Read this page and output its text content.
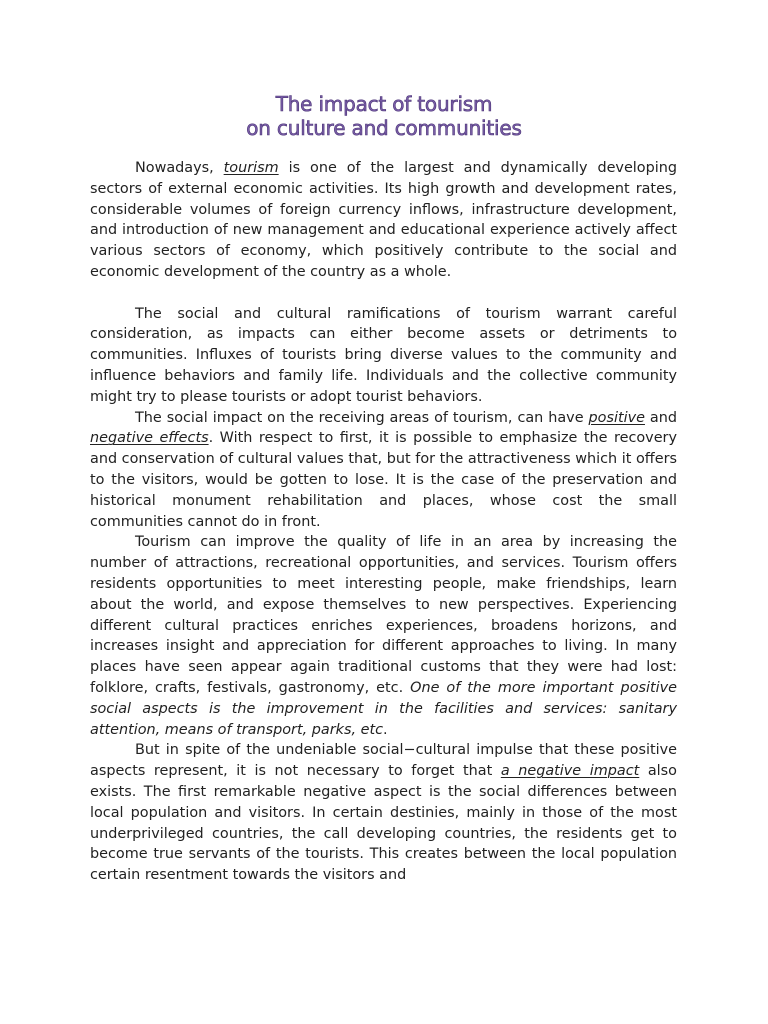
The impact of tourism
on culture and communities

Nowadays, tourism is one of the largest and dynamically developing sectors of external economic activities. Its high growth and development rates, considerable volumes of foreign currency inflows, infrastructure development, and introduction of new management and educational experience actively affect various sectors of economy, which positively contribute to the social and economic development of the country as a whole.

The social and cultural ramifications of tourism warrant careful consideration, as impacts can either become assets or detriments to communities. Influxes of tourists bring diverse values to the community and influence behaviors and family life. Individuals and the collective community might try to please tourists or adopt tourist behaviors.

The social impact on the receiving areas of tourism, can have positive and negative effects. With respect to first, it is possible to emphasize the recovery and conservation of cultural values that, but for the attractiveness which it offers to the visitors, would be gotten to lose. It is the case of the preservation and historical monument rehabilitation and places, whose cost the small communities cannot do in front.

Tourism can improve the quality of life in an area by increasing the number of attractions, recreational opportunities, and services. Tourism offers residents opportunities to meet interesting people, make friendships, learn about the world, and expose themselves to new perspectives. Experiencing different cultural practices enriches experiences, broadens horizons, and increases insight and appreciation for different approaches to living. In many places have seen appear again traditional customs that they were had lost: folklore, crafts, festivals, gastronomy, etc. One of the more important positive social aspects is the improvement in the facilities and services: sanitary attention, means of transport, parks, etc.

But in spite of the undeniable social−cultural impulse that these positive aspects represent, it is not necessary to forget that a negative impact also exists. The first remarkable negative aspect is the social differences between local population and visitors. In certain destinies, mainly in those of the most underprivileged countries, the call developing countries, the residents get to become true servants of the tourists. This creates between the local population certain resentment towards the visitors and
